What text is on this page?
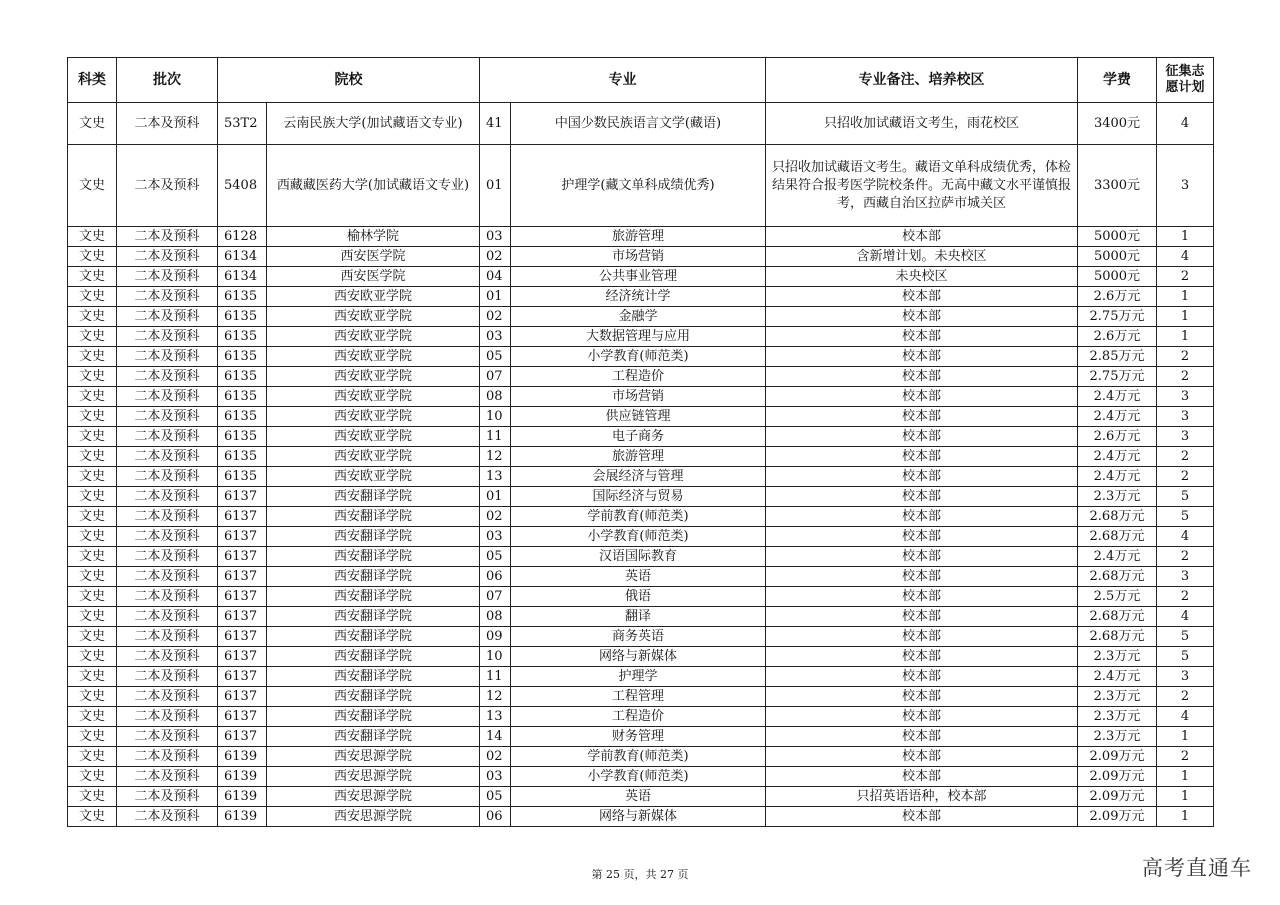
科类	批次	院校		专业		专业备注、培养校区	学费	征集志愿计划
文史	二本及预科	53T2	云南民族大学(加试藏语文专业)	41	中国少数民族语言文学(藏语)	只招收加试藏语文考生，雨花校区	3400元	4
文史	二本及预科	5408	西藏藏医药大学(加试藏语文专业)	01	护理学(藏文单科成绩优秀)	只招收加试藏语文考生。藏语文单科成绩优秀，体检结果符合报考医学院校条件。无高中藏文水平谨慎报考，西藏自治区拉萨市城关区	3300元	3
文史	二本及预科	6128	榆林学院	03	旅游管理	校本部	5000元	1
文史	二本及预科	6134	西安医学院	02	市场营销	含新增计划。未央校区	5000元	4
文史	二本及预科	6134	西安医学院	04	公共事业管理	未央校区	5000元	2
文史	二本及预科	6135	西安欧亚学院	01	经济统计学	校本部	2.6万元	1
文史	二本及预科	6135	西安欧亚学院	02	金融学	校本部	2.75万元	1
文史	二本及预科	6135	西安欧亚学院	03	大数据管理与应用	校本部	2.6万元	1
文史	二本及预科	6135	西安欧亚学院	05	小学教育(师范类)	校本部	2.85万元	2
文史	二本及预科	6135	西安欧亚学院	07	工程造价	校本部	2.75万元	2
文史	二本及预科	6135	西安欧亚学院	08	市场营销	校本部	2.4万元	3
文史	二本及预科	6135	西安欧亚学院	10	供应链管理	校本部	2.4万元	3
文史	二本及预科	6135	西安欧亚学院	11	电子商务	校本部	2.6万元	3
文史	二本及预科	6135	西安欧亚学院	12	旅游管理	校本部	2.4万元	2
文史	二本及预科	6135	西安欧亚学院	13	会展经济与管理	校本部	2.4万元	2
文史	二本及预科	6137	西安翻译学院	01	国际经济与贸易	校本部	2.3万元	5
文史	二本及预科	6137	西安翻译学院	02	学前教育(师范类)	校本部	2.68万元	5
文史	二本及预科	6137	西安翻译学院	03	小学教育(师范类)	校本部	2.68万元	4
文史	二本及预科	6137	西安翻译学院	05	汉语国际教育	校本部	2.4万元	2
文史	二本及预科	6137	西安翻译学院	06	英语	校本部	2.68万元	3
文史	二本及预科	6137	西安翻译学院	07	俄语	校本部	2.5万元	2
文史	二本及预科	6137	西安翻译学院	08	翻译	校本部	2.68万元	4
文史	二本及预科	6137	西安翻译学院	09	商务英语	校本部	2.68万元	5
文史	二本及预科	6137	西安翻译学院	10	网络与新媒体	校本部	2.3万元	5
文史	二本及预科	6137	西安翻译学院	11	护理学	校本部	2.4万元	3
文史	二本及预科	6137	西安翻译学院	12	工程管理	校本部	2.3万元	2
文史	二本及预科	6137	西安翻译学院	13	工程造价	校本部	2.3万元	4
文史	二本及预科	6137	西安翻译学院	14	财务管理	校本部	2.3万元	1
文史	二本及预科	6139	西安思源学院	02	学前教育(师范类)	校本部	2.09万元	2
文史	二本及预科	6139	西安思源学院	03	小学教育(师范类)	校本部	2.09万元	1
文史	二本及预科	6139	西安思源学院	05	英语	只招英语语种，校本部	2.09万元	1
文史	二本及预科	6139	西安思源学院	06	网络与新媒体	校本部	2.09万元	1
第 25 页，共 27 页	高考直通车
